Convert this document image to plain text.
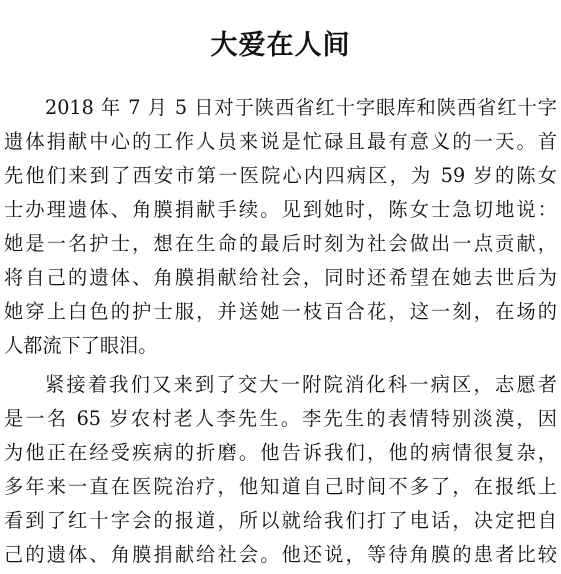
大爱在人间

2018 年 7 月 5 日对于陕西省红十字眼库和陕西省红十字

遗体捐献中心的工作人员来说是忙碌且最有意义的一天。首

先他们来到了西安市第一医院心内四病区，为 59 岁的陈女

士办理遗体、角膜捐献手续。见到她时，陈女士急切地说：

她是一名护士，想在生命的最后时刻为社会做出一点贡献，

将自己的遗体、角膜捐献给社会，同时还希望在她去世后为

她穿上白色的护士服，并送她一枝百合花，这一刻，在场的

人都流下了眼泪。

紧接着我们又来到了交大一附院消化科一病区，志愿者

是一名 65 岁农村老人李先生。李先生的表情特别淡漠，因

为他正在经受疾病的折磨。他告诉我们，他的病情很复杂，

多年来一直在医院治疗，他知道自己时间不多了，在报纸上

看到了红十字会的报道，所以就给我们打了电话，决定把自

己的遗体、角膜捐献给社会。他还说，等待角膜的患者比较
